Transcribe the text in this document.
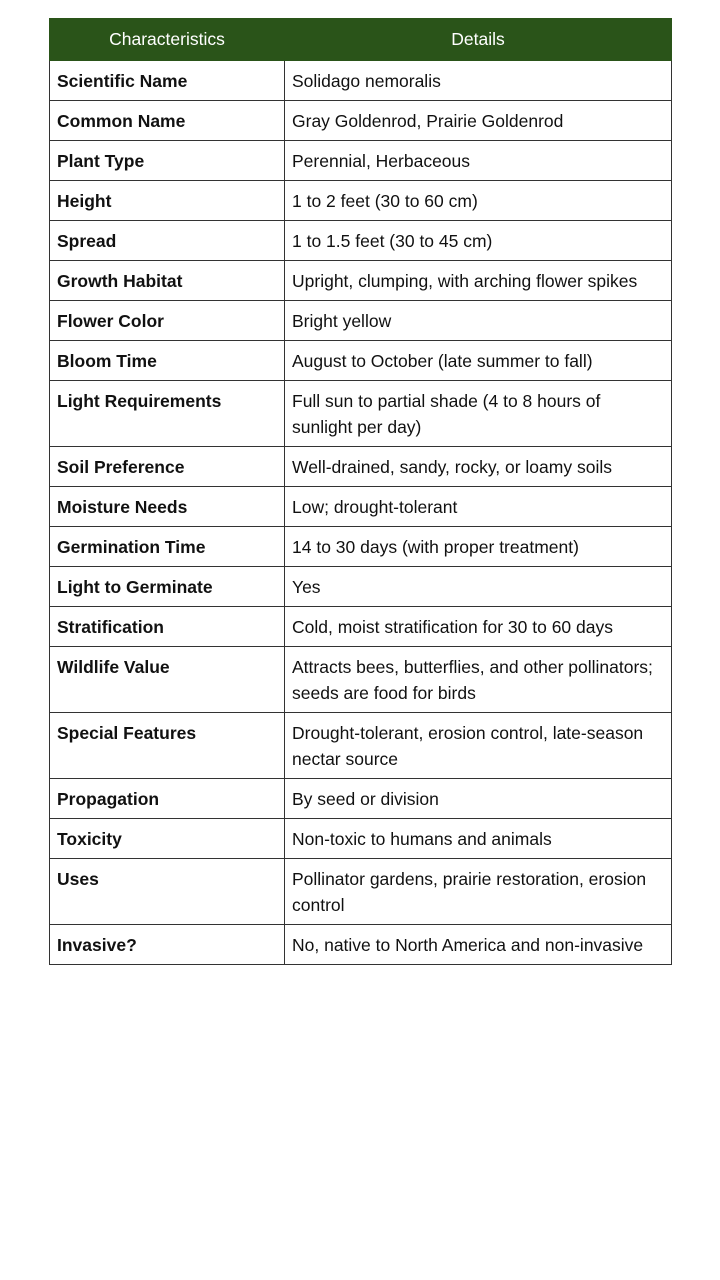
Characteristics	Details
Scientific Name	Solidago nemoralis
Common Name	Gray Goldenrod, Prairie Goldenrod
Plant Type	Perennial, Herbaceous
Height	1 to 2 feet (30 to 60 cm)
Spread	1 to 1.5 feet (30 to 45 cm)
Growth Habitat	Upright, clumping, with arching flower spikes
Flower Color	Bright yellow
Bloom Time	August to October (late summer to fall)
Light Requirements	Full sun to partial shade (4 to 8 hours of sunlight per day)
Soil Preference	Well-drained, sandy, rocky, or loamy soils
Moisture Needs	Low; drought-tolerant
Germination Time	14 to 30 days (with proper treatment)
Light to Germinate	Yes
Stratification	Cold, moist stratification for 30 to 60 days
Wildlife Value	Attracts bees, butterflies, and other pollinators; seeds are food for birds
Special Features	Drought-tolerant, erosion control, late-season nectar source
Propagation	By seed or division
Toxicity	Non-toxic to humans and animals
Uses	Pollinator gardens, prairie restoration, erosion control
Invasive?	No, native to North America and non-invasive
